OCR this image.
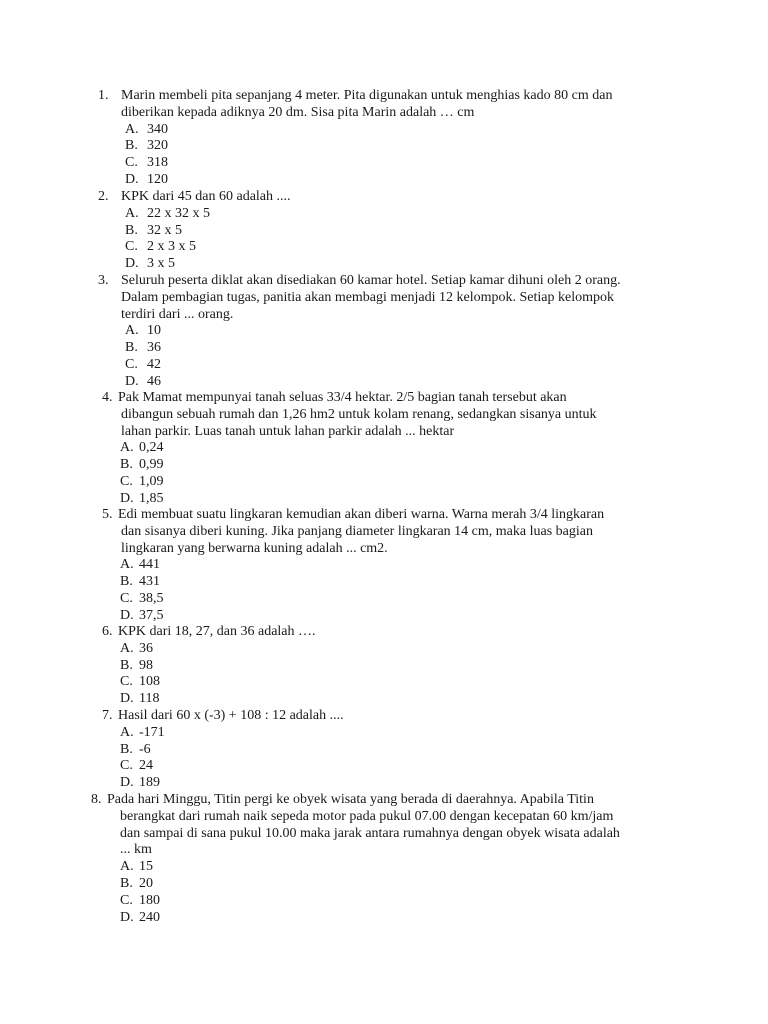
1. Marin membeli pita sepanjang 4 meter. Pita digunakan untuk menghias kado 80 cm dan
diberikan kepada adiknya 20 dm. Sisa pita Marin adalah … cm
A. 340
B. 320
C. 318
D. 120
2. KPK dari 45 dan 60 adalah ....
A. 22 x 32 x 5
B. 32 x 5
C. 2 x 3 x 5
D. 3 x 5
3. Seluruh peserta diklat akan disediakan 60 kamar hotel. Setiap kamar dihuni oleh 2 orang.
Dalam pembagian tugas, panitia akan membagi menjadi 12 kelompok. Setiap kelompok
terdiri dari ... orang.
A. 10
B. 36
C. 42
D. 46
4. Pak Mamat mempunyai tanah seluas 33/4 hektar. 2/5 bagian tanah tersebut akan
dibangun sebuah rumah dan 1,26 hm2 untuk kolam renang, sedangkan sisanya untuk
lahan parkir. Luas tanah untuk lahan parkir adalah ... hektar
A. 0,24
B. 0,99
C. 1,09
D. 1,85
5. Edi membuat suatu lingkaran kemudian akan diberi warna. Warna merah 3/4 lingkaran
dan sisanya diberi kuning. Jika panjang diameter lingkaran 14 cm, maka luas bagian
lingkaran yang berwarna kuning adalah ... cm2.
A. 441
B. 431
C. 38,5
D. 37,5
6. KPK dari 18, 27, dan 36 adalah ….
A. 36
B. 98
C. 108
D. 118
7. Hasil dari 60 x (-3) + 108 : 12 adalah ....
A. -171
B. -6
C. 24
D. 189
8. Pada hari Minggu, Titin pergi ke obyek wisata yang berada di daerahnya. Apabila Titin
berangkat dari rumah naik sepeda motor pada pukul 07.00 dengan kecepatan 60 km/jam
dan sampai di sana pukul 10.00 maka jarak antara rumahnya dengan obyek wisata adalah
... km
A. 15
B. 20
C. 180
D. 240
